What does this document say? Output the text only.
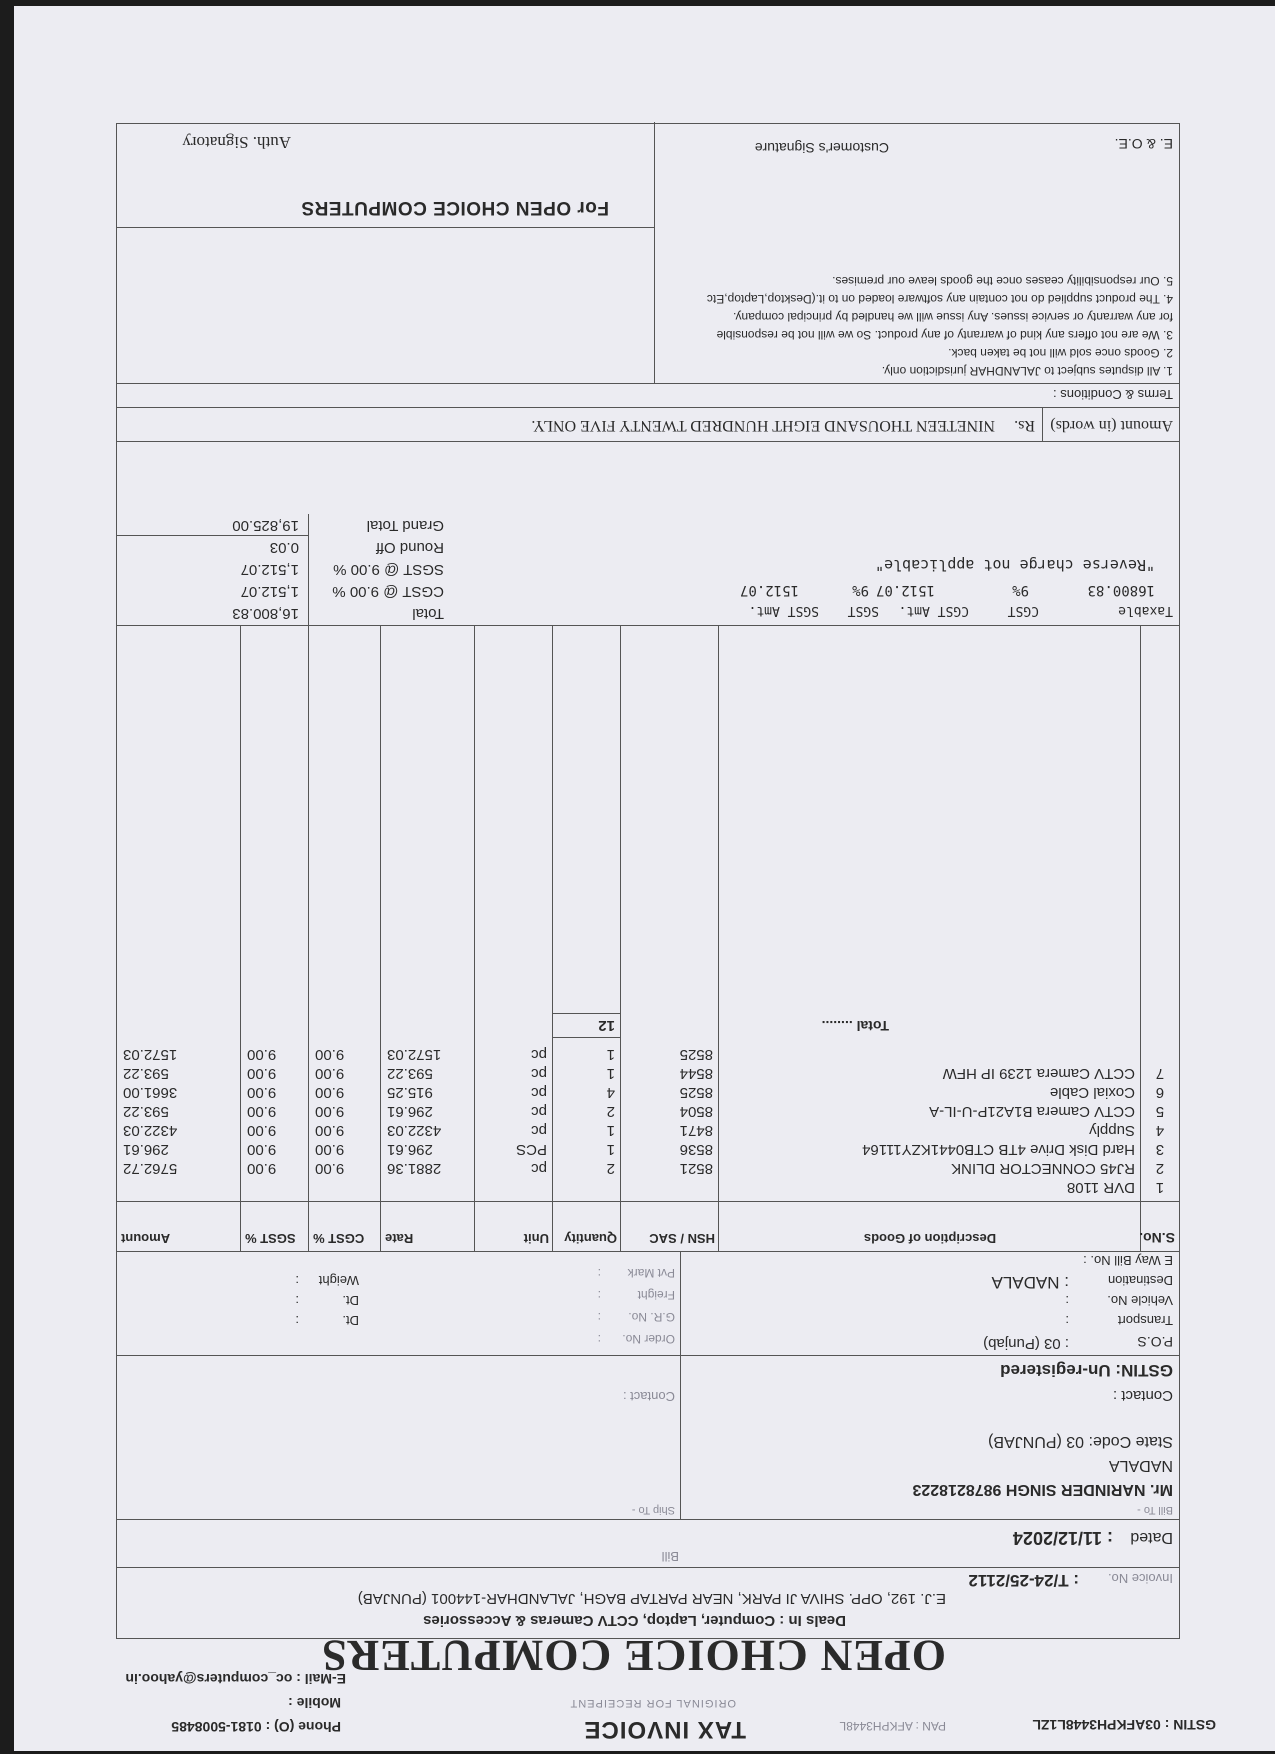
GSTIN : 03AFKPH3448L1ZL
PAN : AFKPH3448L
TAX INVOICE
ORIGINAL FOR RECEIPENT
Phone (O) : 0181-5008485
Mobile :
E-Mail : oc_computers@yahoo.in
OPEN CHOICE COMPUTERS
Deals In : Computer, Laptop, CCTV Cameras & Accessories
E.J. 192, OPP. SHIVA JI PARK, NEAR PARTAP BAGH, JALANDHAR-144001 (PUNJAB)
Invoice No.
: T/24-25/2112
Bill
Dated
: 11/12/2024
Bill To -
Ship To -
Mr. NARINDER SINGH 9878218223
NADALA
State Code: 03 (PUNJAB)
Contact :
Contact :
GSTIN: Un-registered
P.O.S
: 03 (Punjab)
Transport
:
Vehicle No.
:
Destination
: NADALA
E Way Bill No. :
Order No.
G.R. No.
Freight
Pvt Mark
:
:
:
:
Dt.
:
Dt.
:
Weight
:
S.No.
Description of Goods
HSN / SAC
Quantity
Unit
Rate
CGST %
SGST %
Amount
1
DVR 1108
2
RJ45 CONNECTOR DLINK
8521
2
pc
2881.36
9.00
9.00
5762.72
3
Hard Disk Drive 4TB CTB0441KZY11164
8536
1
PCS
296.61
9.00
9.00
296.61
4
Supply
8471
1
pc
4322.03
9.00
9.00
4322.03
5
CCTV Camera B1A21P-U-IL-A
8504
2
pc
296.61
9.00
9.00
593.22
6
Coxial Cable
8525
4
pc
915.25
9.00
9.00
3661.00
7
CCTV Camera 1239 IP HFW
8544
1
pc
593.22
9.00
9.00
593.22
8525
1
pc
1572.03
9.00
9.00
1572.03
Total ........
12
Taxable
CGST
CGST Amt.
SGST
SGST Amt.
16800.83
9%
1512.07
9%
1512.07
"Reverse charge not applicable"
Total
16,800.83
CGST @ 9.00 %
1,512.07
SGST @ 9.00 %
1,512.07
Round Off
0.03
Grand Total
19,825.00
Amount (in words)
Rs.
NINETEEN THOUSAND EIGHT HUNDRED TWENTY FIVE ONLY.
Terms & Conditions :
1. All disputes subject to JALANDHAR jurisdiction only.
2. Goods once sold will not be taken back.
3. We are not offers any kind of warranty of any product. So we will not be responsible
for any warranty or service issues. Any issue will we handled by principal company.
4. The product supplied do not contain any software loaded on to it.(Desktop,Laptop,Etc
5. Our responsibility ceases once the goods leave our premises.
For OPEN CHOICE COMPUTERS
E. & O.E.
Customer's Signature
Auth. Signatory
